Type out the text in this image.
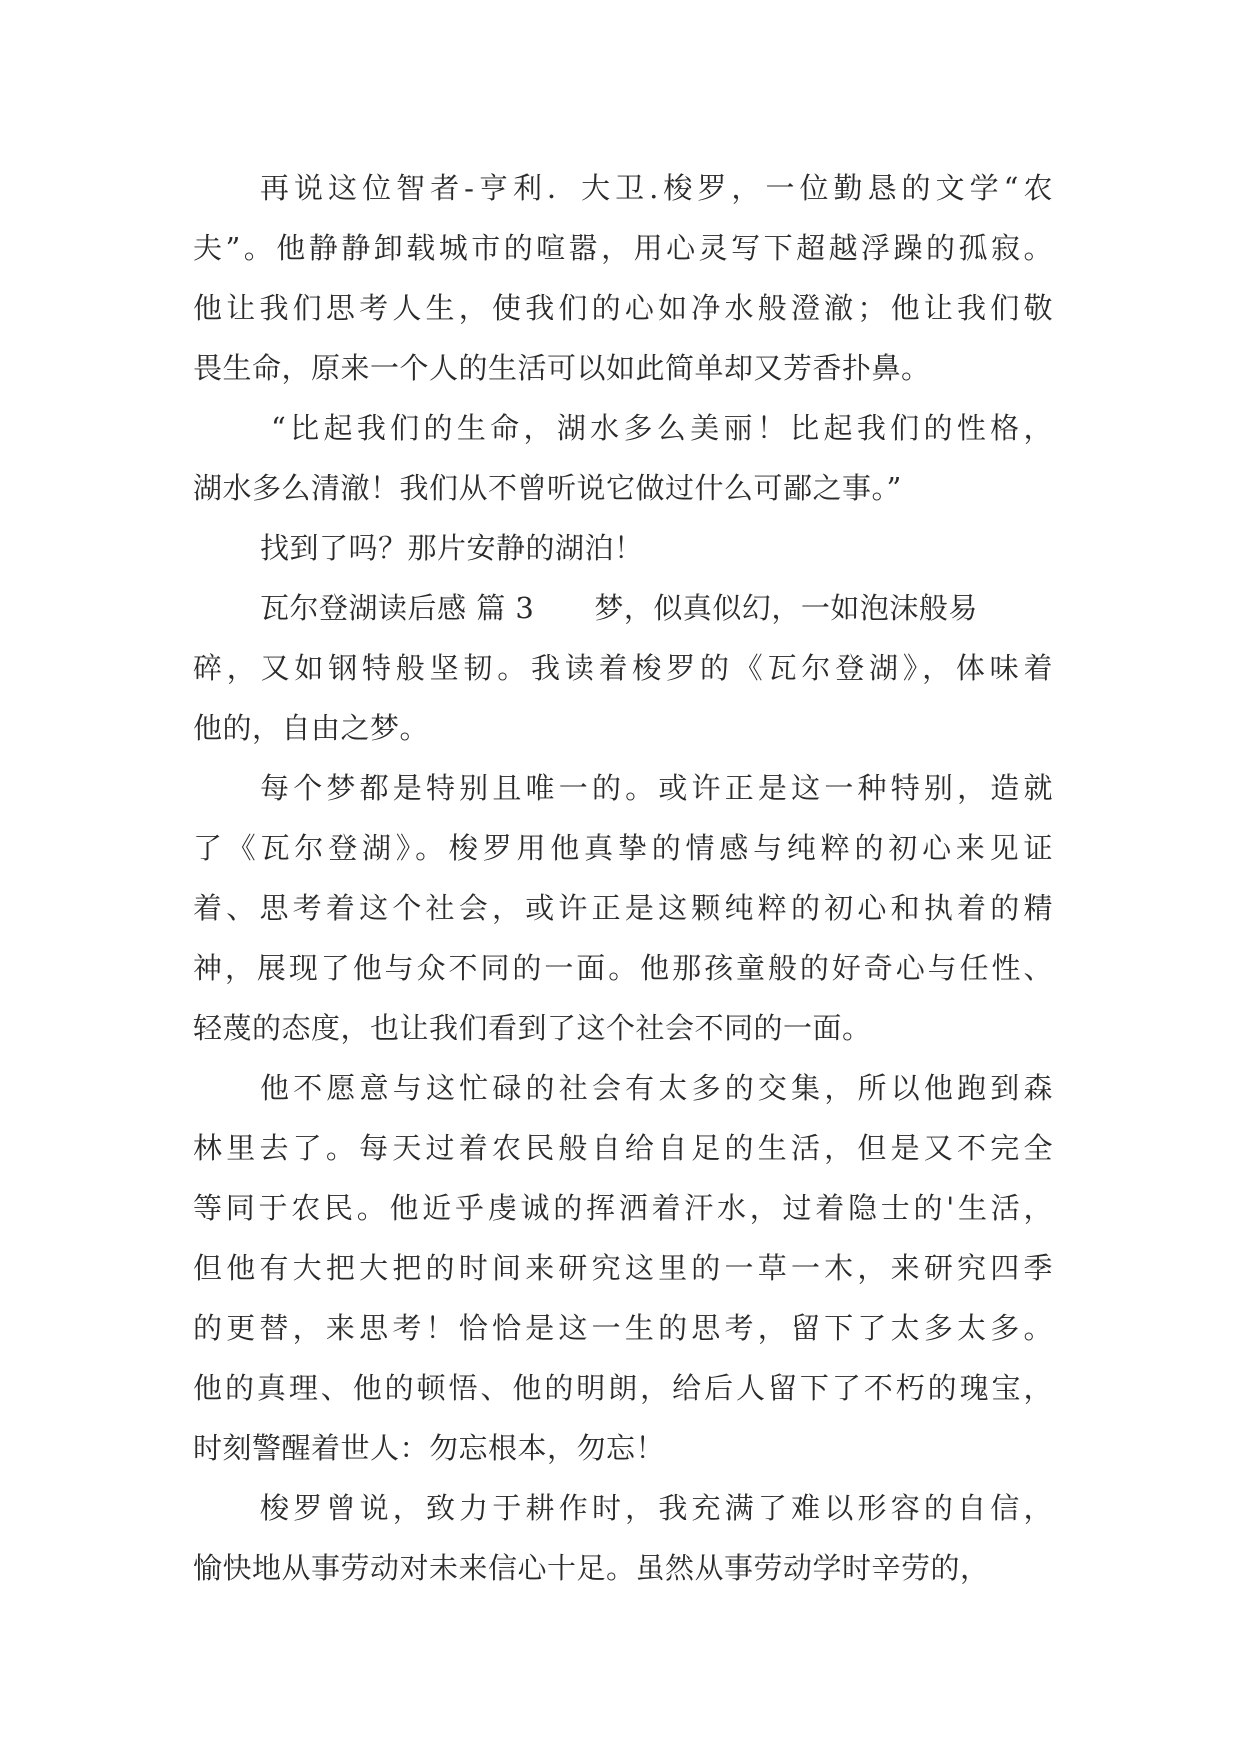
再说这位智者-亨利．大卫.梭罗，一位勤恳的文学“农
夫”。他静静卸载城市的喧嚣，用心灵写下超越浮躁的孤寂。
他让我们思考人生，使我们的心如净水般澄澈；他让我们敬
畏生命，原来一个人的生活可以如此简单却又芳香扑鼻。
“比起我们的生命，湖水多么美丽！比起我们的性格，
湖水多么清澈！我们从不曾听说它做过什么可鄙之事。”
找到了吗？那片安静的湖泊！
瓦尔登湖读后感 篇 3 梦，似真似幻，一如泡沫般易
碎，又如钢特般坚韧。我读着梭罗的《瓦尔登湖》，体味着
他的，自由之梦。
每个梦都是特别且唯一的。或许正是这一种特别，造就
了《瓦尔登湖》。梭罗用他真挚的情感与纯粹的初心来见证
着、思考着这个社会，或许正是这颗纯粹的初心和执着的精
神，展现了他与众不同的一面。他那孩童般的好奇心与任性、
轻蔑的态度，也让我们看到了这个社会不同的一面。
他不愿意与这忙碌的社会有太多的交集，所以他跑到森
林里去了。每天过着农民般自给自足的生活，但是又不完全
等同于农民。他近乎虔诚的挥洒着汗水，过着隐士的'生活，
但他有大把大把的时间来研究这里的一草一木，来研究四季
的更替，来思考！恰恰是这一生的思考，留下了太多太多。
他的真理、他的顿悟、他的明朗，给后人留下了不朽的瑰宝，
时刻警醒着世人：勿忘根本，勿忘！
梭罗曾说，致力于耕作时，我充满了难以形容的自信，
愉快地从事劳动对未来信心十足。虽然从事劳动学时辛劳的，
